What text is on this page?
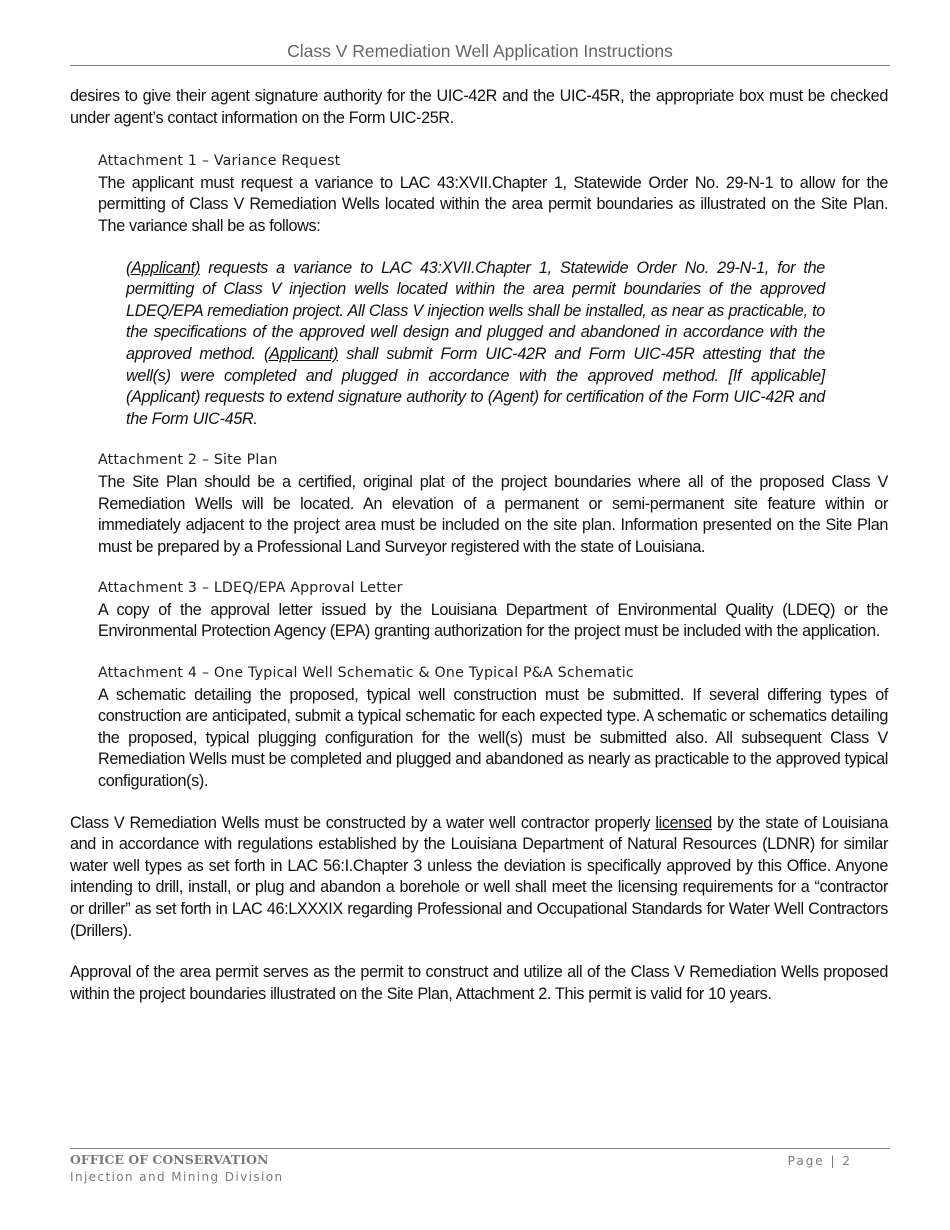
Class V Remediation Well Application Instructions

desires to give their agent signature authority for the UIC-42R and the UIC-45R, the appropriate box must be checked under agent’s contact information on the Form UIC-25R.

Attachment 1 – Variance Request

The applicant must request a variance to LAC 43:XVII.Chapter 1, Statewide Order No. 29-N-1 to allow for the permitting of Class V Remediation Wells located within the area permit boundaries as illustrated on the Site Plan. The variance shall be as follows:

(Applicant) requests a variance to LAC 43:XVII.Chapter 1, Statewide Order No. 29-N-1, for the permitting of Class V injection wells located within the area permit boundaries of the approved LDEQ/EPA remediation project. All Class V injection wells shall be installed, as near as practicable, to the specifications of the approved well design and plugged and abandoned in accordance with the approved method. (Applicant) shall submit Form UIC-42R and Form UIC-45R attesting that the well(s) were completed and plugged in accordance with the approved method. [If applicable] (Applicant) requests to extend signature authority to (Agent) for certification of the Form UIC-42R and the Form UIC-45R.

Attachment 2 – Site Plan

The Site Plan should be a certified, original plat of the project boundaries where all of the proposed Class V Remediation Wells will be located. An elevation of a permanent or semi-permanent site feature within or immediately adjacent to the project area must be included on the site plan. Information presented on the Site Plan must be prepared by a Professional Land Surveyor registered with the state of Louisiana.

Attachment 3 – LDEQ/EPA Approval Letter

A copy of the approval letter issued by the Louisiana Department of Environmental Quality (LDEQ) or the Environmental Protection Agency (EPA) granting authorization for the project must be included with the application.

Attachment 4 – One Typical Well Schematic & One Typical P&A Schematic

A schematic detailing the proposed, typical well construction must be submitted. If several differing types of construction are anticipated, submit a typical schematic for each expected type. A schematic or schematics detailing the proposed, typical plugging configuration for the well(s) must be submitted also. All subsequent Class V Remediation Wells must be completed and plugged and abandoned as nearly as practicable to the approved typical configuration(s).

Class V Remediation Wells must be constructed by a water well contractor properly licensed by the state of Louisiana and in accordance with regulations established by the Louisiana Department of Natural Resources (LDNR) for similar water well types as set forth in LAC 56:I.Chapter 3 unless the deviation is specifically approved by this Office. Anyone intending to drill, install, or plug and abandon a borehole or well shall meet the licensing requirements for a “contractor or driller” as set forth in LAC 46:LXXXIX regarding Professional and Occupational Standards for Water Well Contractors (Drillers).

Approval of the area permit serves as the permit to construct and utilize all of the Class V Remediation Wells proposed within the project boundaries illustrated on the Site Plan, Attachment 2. This permit is valid for 10 years.

OFFICE OF CONSERVATION
Injection and Mining Division
Page | 2
